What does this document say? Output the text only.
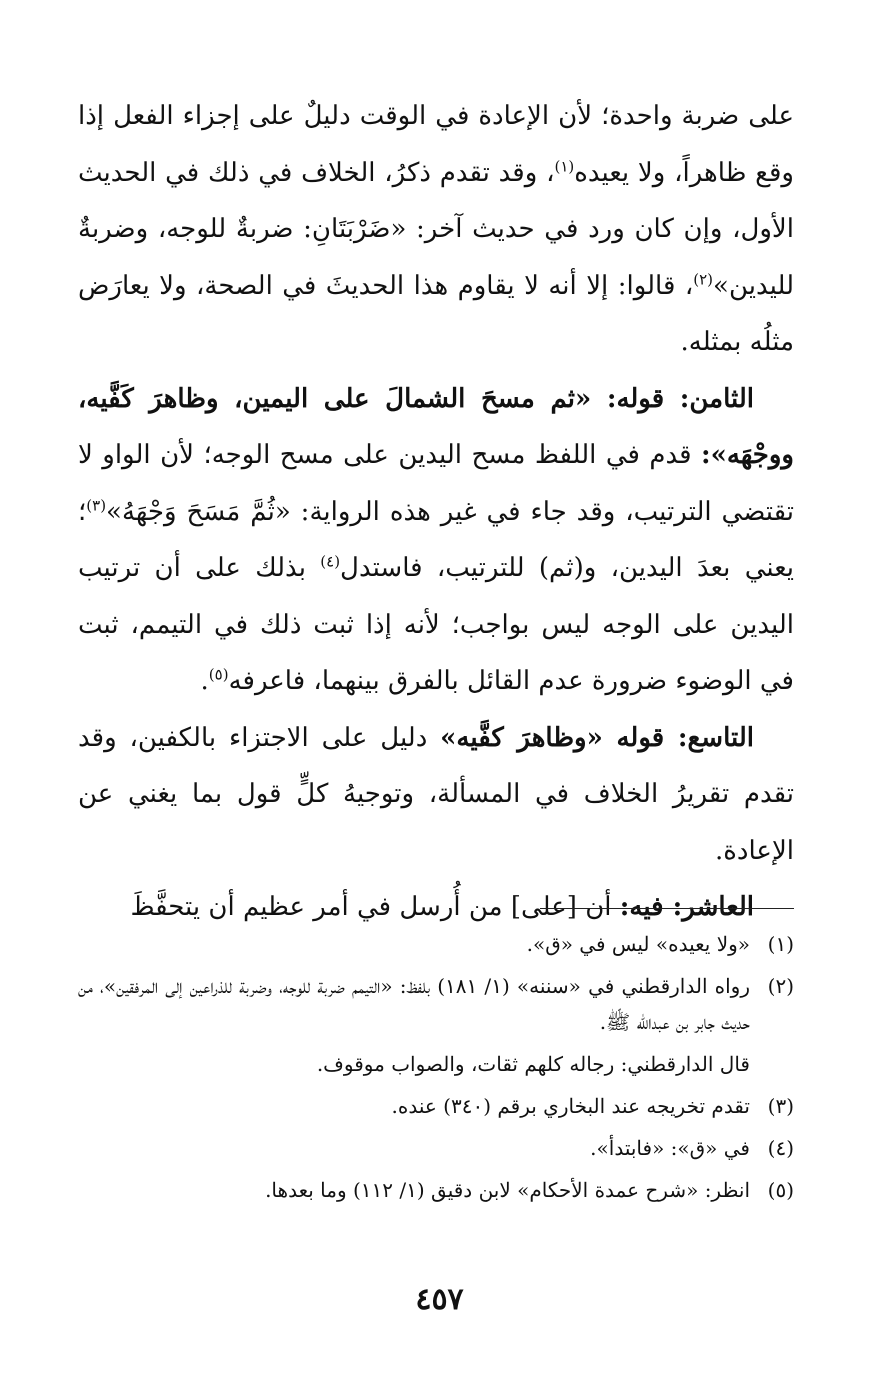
على ضربة واحدة؛ لأن الإعادة في الوقت دليلٌ على إجزاء الفعل إذا وقع ظاهراً، ولا يعيده$^{(١)}$، وقد تقدم ذكرُ، الخلاف في ذلك في الحديث الأول، وإن كان ورد في حديث آخر: «ضَرْبَتَانِ: ضربةٌ للوجه، وضربةٌ لليدين»$^{(٢)}$، قالوا: إلا أنه لا يقاوم هذا الحديثَ في الصحة، ولا يعارَض مثلُه بمثله.

الثامن: قوله: «ثم مسحَ الشمالَ على اليمين، وظاهرَ كَفَّيه، ووجْهَه»: قدم في اللفظ مسح اليدين على مسح الوجه؛ لأن الواو لا تقتضي الترتيب، وقد جاء في غير هذه الرواية: «ثُمَّ مَسَحَ وَجْهَهُ»$^{(٣)}$؛ يعني بعدَ اليدين، و(ثم) للترتيب، فاستدل$^{(٤)}$ بذلك على أن ترتيب اليدين على الوجه ليس بواجب؛ لأنه إذا ثبت ذلك في التيمم، ثبت في الوضوء ضرورة عدم القائل بالفرق بينهما، فاعرفه$^{(٥)}$.

التاسع: قوله «وظاهرَ كفَّيه» دليل على الاجتزاء بالكفين، وقد تقدم تقريرُ الخلاف في المسألة، وتوجيهُ كلٍّ قول بما يغني عن الإعادة.

العاشر: فيه: أن [على] من أُرسل في أمر عظيم أن يتحفَّظَ

(١)
«ولا يعيده» ليس في «ق».
(٢)
رواه الدارقطني في «سننه» (١/ ١٨١) بلفظ: «التيمم ضربة للوجه، وضربة للذراعين إلى المرفقين»، من حديث جابر بن عبدالله ﷺ.
قال الدارقطني: رجاله كلهم ثقات، والصواب موقوف.
(٣)
تقدم تخريجه عند البخاري برقم (٣٤٠) عنده.
(٤)
في «ق»: «فابتدأ».
(٥)
انظر: «شرح عمدة الأحكام» لابن دقيق (١/ ١١٢) وما بعدها.
٤٥٧
